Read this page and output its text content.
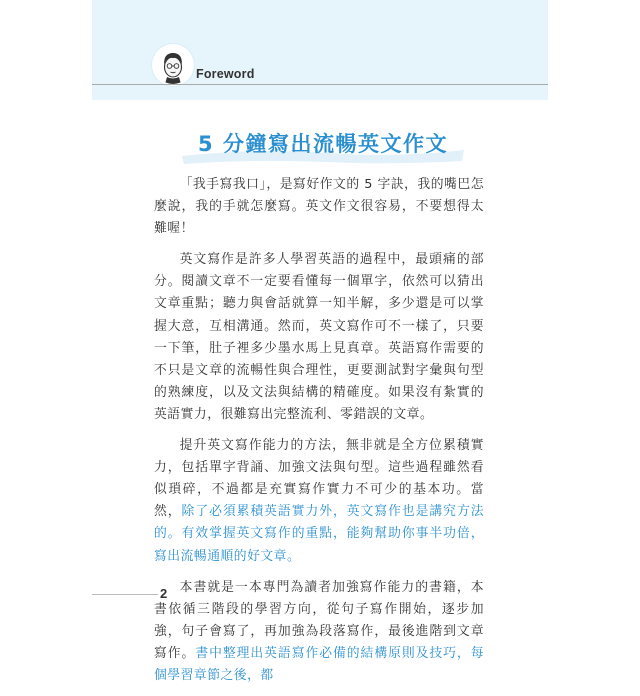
Foreword
5 分鐘寫出流暢英文作文

「我手寫我口」，是寫好作文的 5 字訣，我的嘴巴怎麼說，我的手就怎麼寫。英文作文很容易，不要想得太難喔！

英文寫作是許多人學習英語的過程中，最頭痛的部分。閱讀文章不一定要看懂每一個單字，依然可以猜出文章重點；聽力與會話就算一知半解，多少還是可以掌握大意，互相溝通。然而，英文寫作可不一樣了，只要一下筆，肚子裡多少墨水馬上見真章。英語寫作需要的不只是文章的流暢性與合理性，更要測試對字彙與句型的熟練度，以及文法與結構的精確度。如果沒有紮實的英語實力，很難寫出完整流利、零錯誤的文章。

提升英文寫作能力的方法，無非就是全方位累積實力，包括單字背誦、加強文法與句型。這些過程雖然看似瑣碎，不過都是充實寫作實力不可少的基本功。當然，除了必須累積英語實力外，英文寫作也是講究方法的。有效掌握英文寫作的重點，能夠幫助你事半功倍，寫出流暢通順的好文章。

本書就是一本專門為讀者加強寫作能力的書籍，本書依循三階段的學習方向，從句子寫作開始，逐步加強，句子會寫了，再加強為段落寫作，最後進階到文章寫作。書中整理出英語寫作必備的結構原則及技巧，每個學習章節之後，都

2
